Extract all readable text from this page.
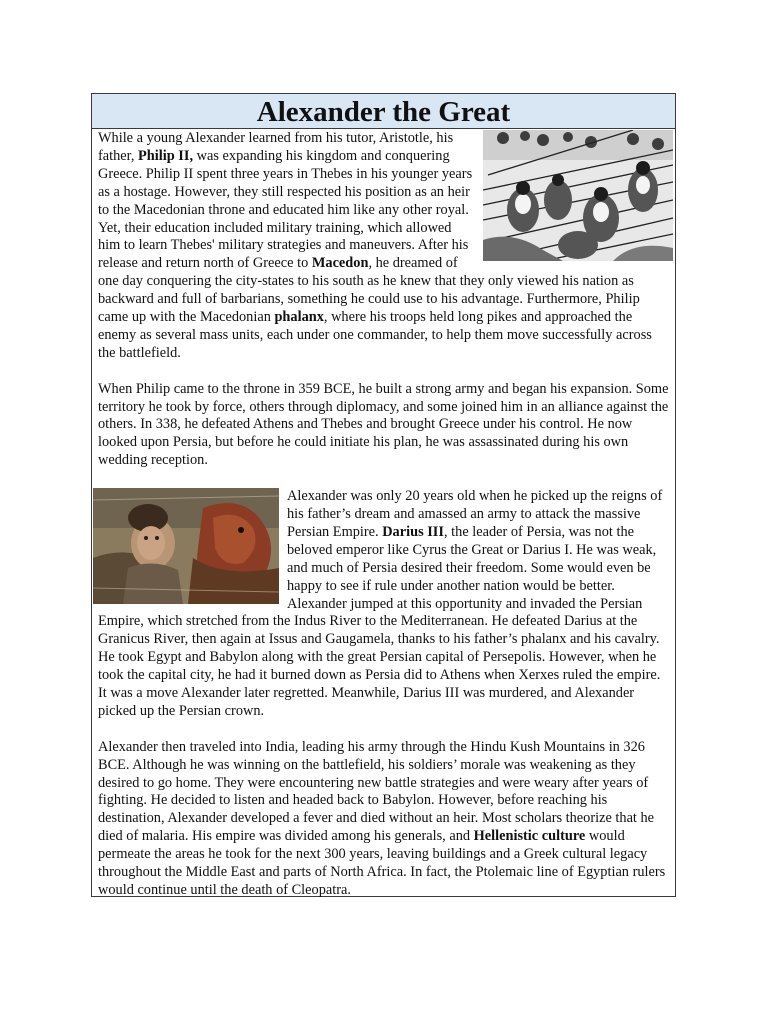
Alexander the Great

While a young Alexander learned from his tutor, Aristotle, his father, Philip II, was expanding his kingdom and conquering Greece. Philip II spent three years in Thebes in his younger years as a hostage. However, they still respected his position as an heir to the Macedonian throne and educated him like any other royal. Yet, their education included military training, which allowed him to learn Thebes' military strategies and maneuvers. After his release and return north of Greece to Macedon, he dreamed of one day conquering the city-states to his south as he knew that they only viewed his nation as backward and full of barbarians, something he could use to his advantage. Furthermore, Philip came up with the Macedonian phalanx, where his troops held long pikes and approached the enemy as several mass units, each under one commander, to help them move successfully across the battlefield.

When Philip came to the throne in 359 BCE, he built a strong army and began his expansion. Some territory he took by force, others through diplomacy, and some joined him in an alliance against the others. In 338, he defeated Athens and Thebes and brought Greece under his control. He now looked upon Persia, but before he could initiate his plan, he was assassinated during his own wedding reception.

Alexander was only 20 years old when he picked up the reigns of his father’s dream and amassed an army to attack the massive Persian Empire. Darius III, the leader of Persia, was not the beloved emperor like Cyrus the Great or Darius I. He was weak, and much of Persia desired their freedom. Some would even be happy to see if rule under another nation would be better. Alexander jumped at this opportunity and invaded the Persian Empire, which stretched from the Indus River to the Mediterranean. He defeated Darius at the Granicus River, then again at Issus and Gaugamela, thanks to his father’s phalanx and his cavalry. He took Egypt and Babylon along with the great Persian capital of Persepolis. However, when he took the capital city, he had it burned down as Persia did to Athens when Xerxes ruled the empire. It was a move Alexander later regretted. Meanwhile, Darius III was murdered, and Alexander picked up the Persian crown.

Alexander then traveled into India, leading his army through the Hindu Kush Mountains in 326 BCE. Although he was winning on the battlefield, his soldiers’ morale was weakening as they desired to go home. They were encountering new battle strategies and were weary after years of fighting. He decided to listen and headed back to Babylon. However, before reaching his destination, Alexander developed a fever and died without an heir. Most scholars theorize that he died of malaria. His empire was divided among his generals, and Hellenistic culture would permeate the areas he took for the next 300 years, leaving buildings and a Greek cultural legacy throughout the Middle East and parts of North Africa. In fact, the Ptolemaic line of Egyptian rulers would continue until the death of Cleopatra.
